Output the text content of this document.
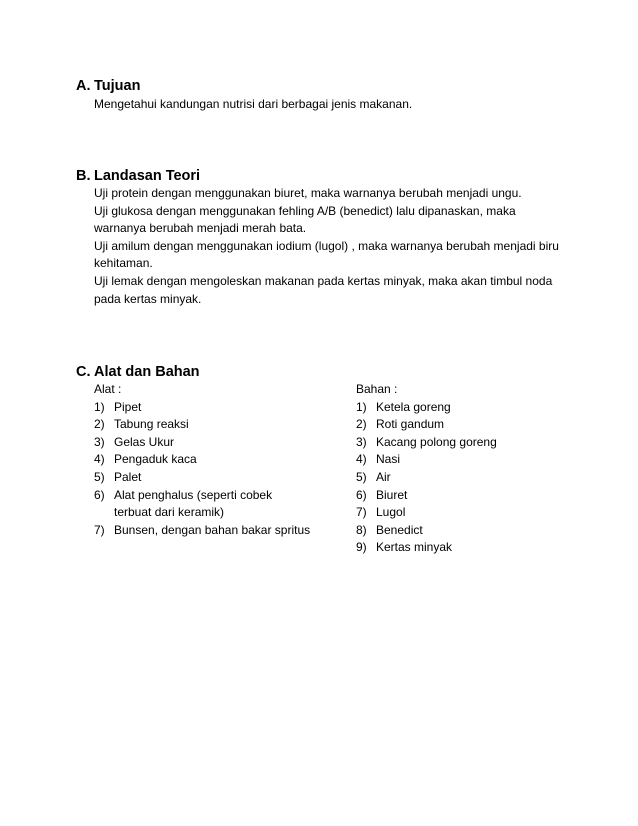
A. Tujuan

Mengetahui kandungan nutrisi dari berbagai jenis makanan.

B. Landasan Teori

Uji protein dengan menggunakan biuret, maka warnanya berubah menjadi ungu.

Uji glukosa dengan menggunakan fehling A/B (benedict) lalu dipanaskan, maka warnanya berubah menjadi merah bata.

Uji amilum dengan menggunakan iodium (lugol) , maka warnanya berubah menjadi biru kehitaman.

Uji lemak dengan mengoleskan makanan pada kertas minyak, maka akan timbul noda pada kertas minyak.

C. Alat dan Bahan

Alat :

1) Pipet
2) Tabung reaksi
3) Gelas Ukur
4) Pengaduk kaca
5) Palet
6) Alat penghalus (seperti cobek terbuat dari keramik)
7) Bunsen, dengan bahan bakar spritus

Bahan :

1) Ketela goreng
2) Roti gandum
3) Kacang polong goreng
4) Nasi
5) Air
6) Biuret
7) Lugol
8) Benedict
9) Kertas minyak
